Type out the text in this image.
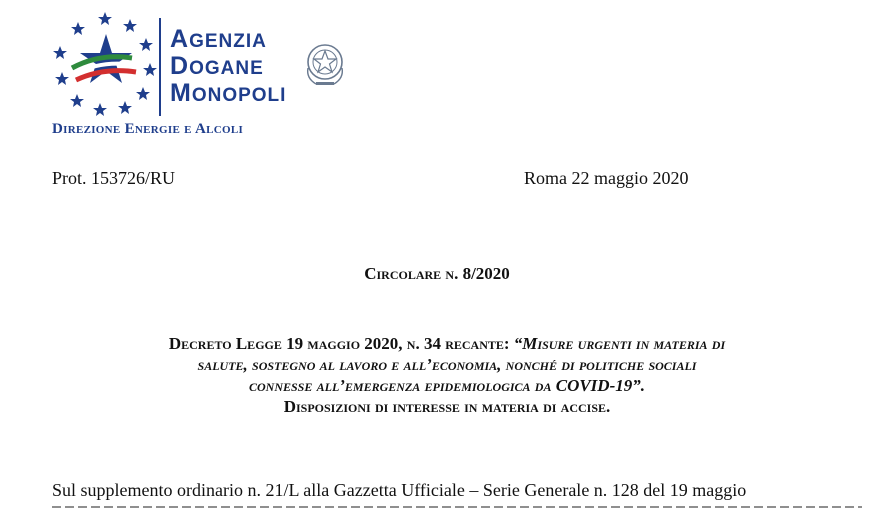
AGENZIA
DOGANE
MONOPOLI
Direzione Energie e Alcoli
Prot. 153726/RU	Roma 22 maggio 2020
Circolare n. 8/2020
Decreto Legge 19 maggio 2020, n. 34 recante: “Misure urgenti in materia di
salute, sostegno al lavoro e all’economia, nonché di politiche sociali
connesse all’emergenza epidemiologica da COVID-19”.
Disposizioni di interesse in materia di accise.
Sul supplemento ordinario n. 21/L alla Gazzetta Ufficiale – Serie Generale n. 128 del 19 maggio
